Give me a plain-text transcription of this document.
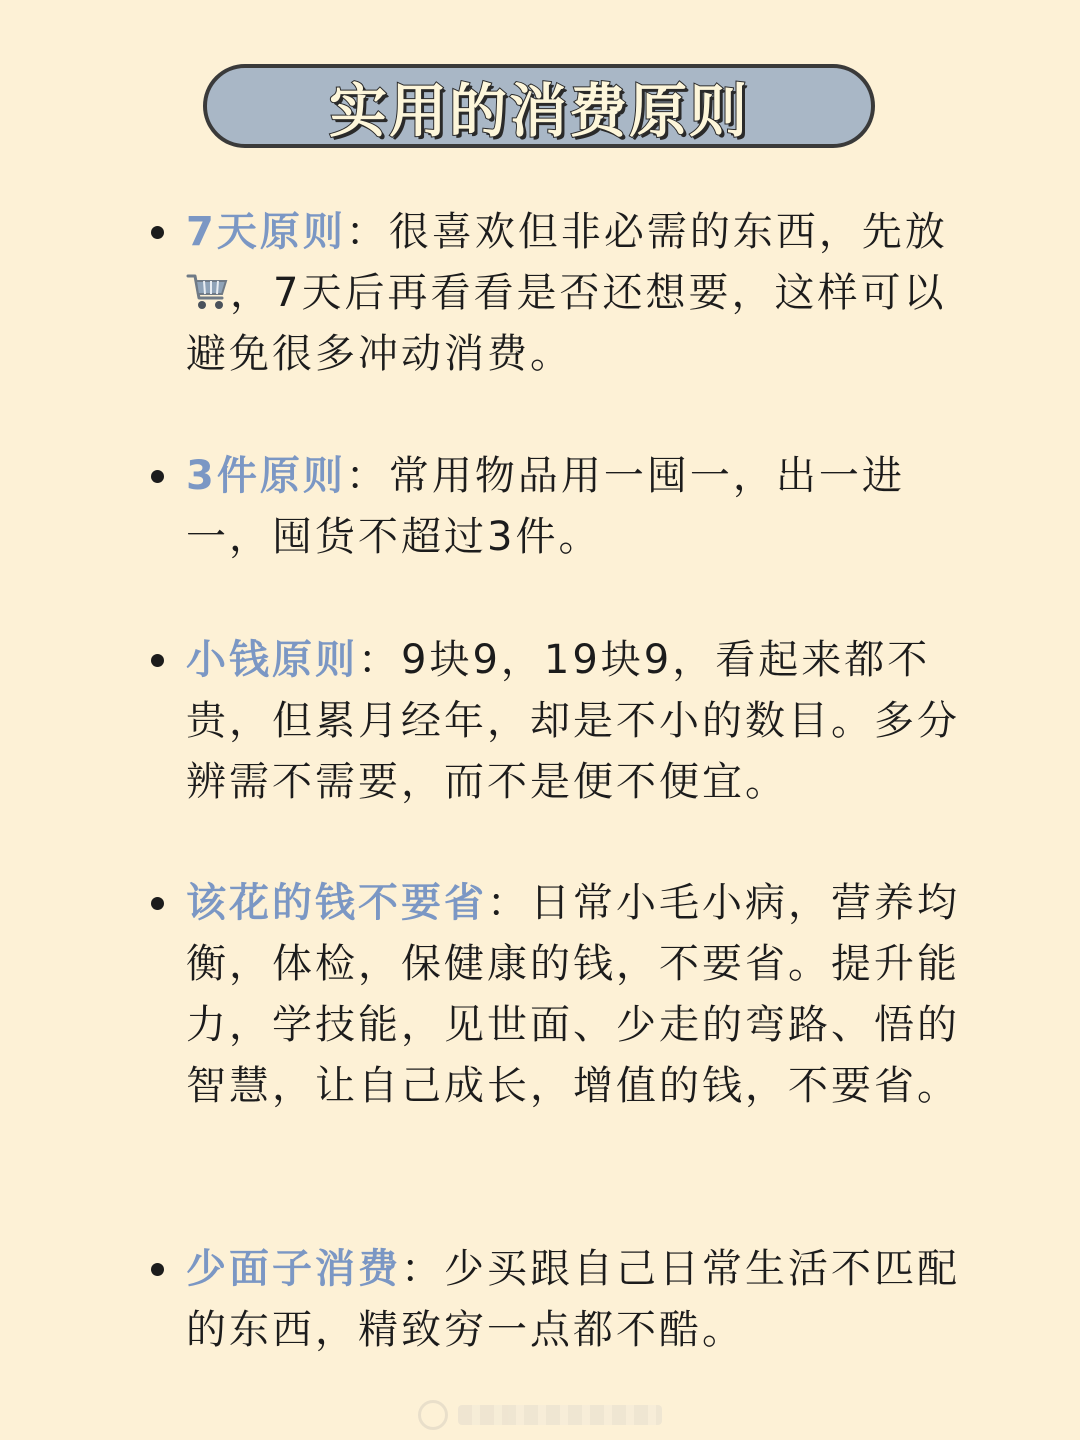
实用的消费原则

7天原则：很喜欢但非必需的东西，先放，7天后再看看是否还想要，这样可以避免很多冲动消费。

3件原则：常用物品用一囤一，出一进一，囤货不超过3件。

小钱原则：9块9，19块9，看起来都不贵，但累月经年，却是不小的数目。多分辨需不需要，而不是便不便宜。

该花的钱不要省：日常小毛小病，营养均衡，体检，保健康的钱，不要省。提升能力，学技能，见世面、少走的弯路、悟的智慧，让自己成长，增值的钱，不要省。

少面子消费：少买跟自己日常生活不匹配的东西，精致穷一点都不酷。
